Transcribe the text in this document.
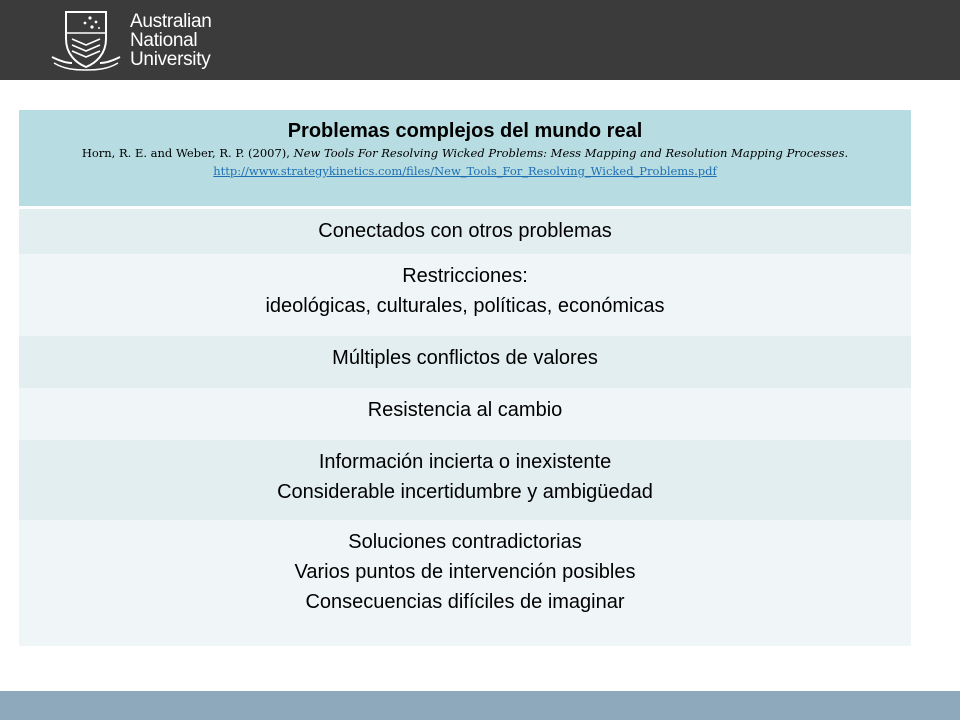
Australian
National
University
Problemas complejos del mundo real
Horn, R. E. and Weber, R. P. (2007), New Tools For Resolving Wicked Problems: Mess Mapping and Resolution Mapping Processes.
http://www.strategykinetics.com/files/New_Tools_For_Resolving_Wicked_Problems.pdf
Conectados con otros problemas
Restricciones:
ideológicas, culturales, políticas, económicas
Múltiples conflictos de valores
Resistencia al cambio
Información incierta o inexistente
Considerable incertidumbre y ambigüedad
Soluciones contradictorias
Varios puntos de intervención posibles
Consecuencias difíciles de imaginar
